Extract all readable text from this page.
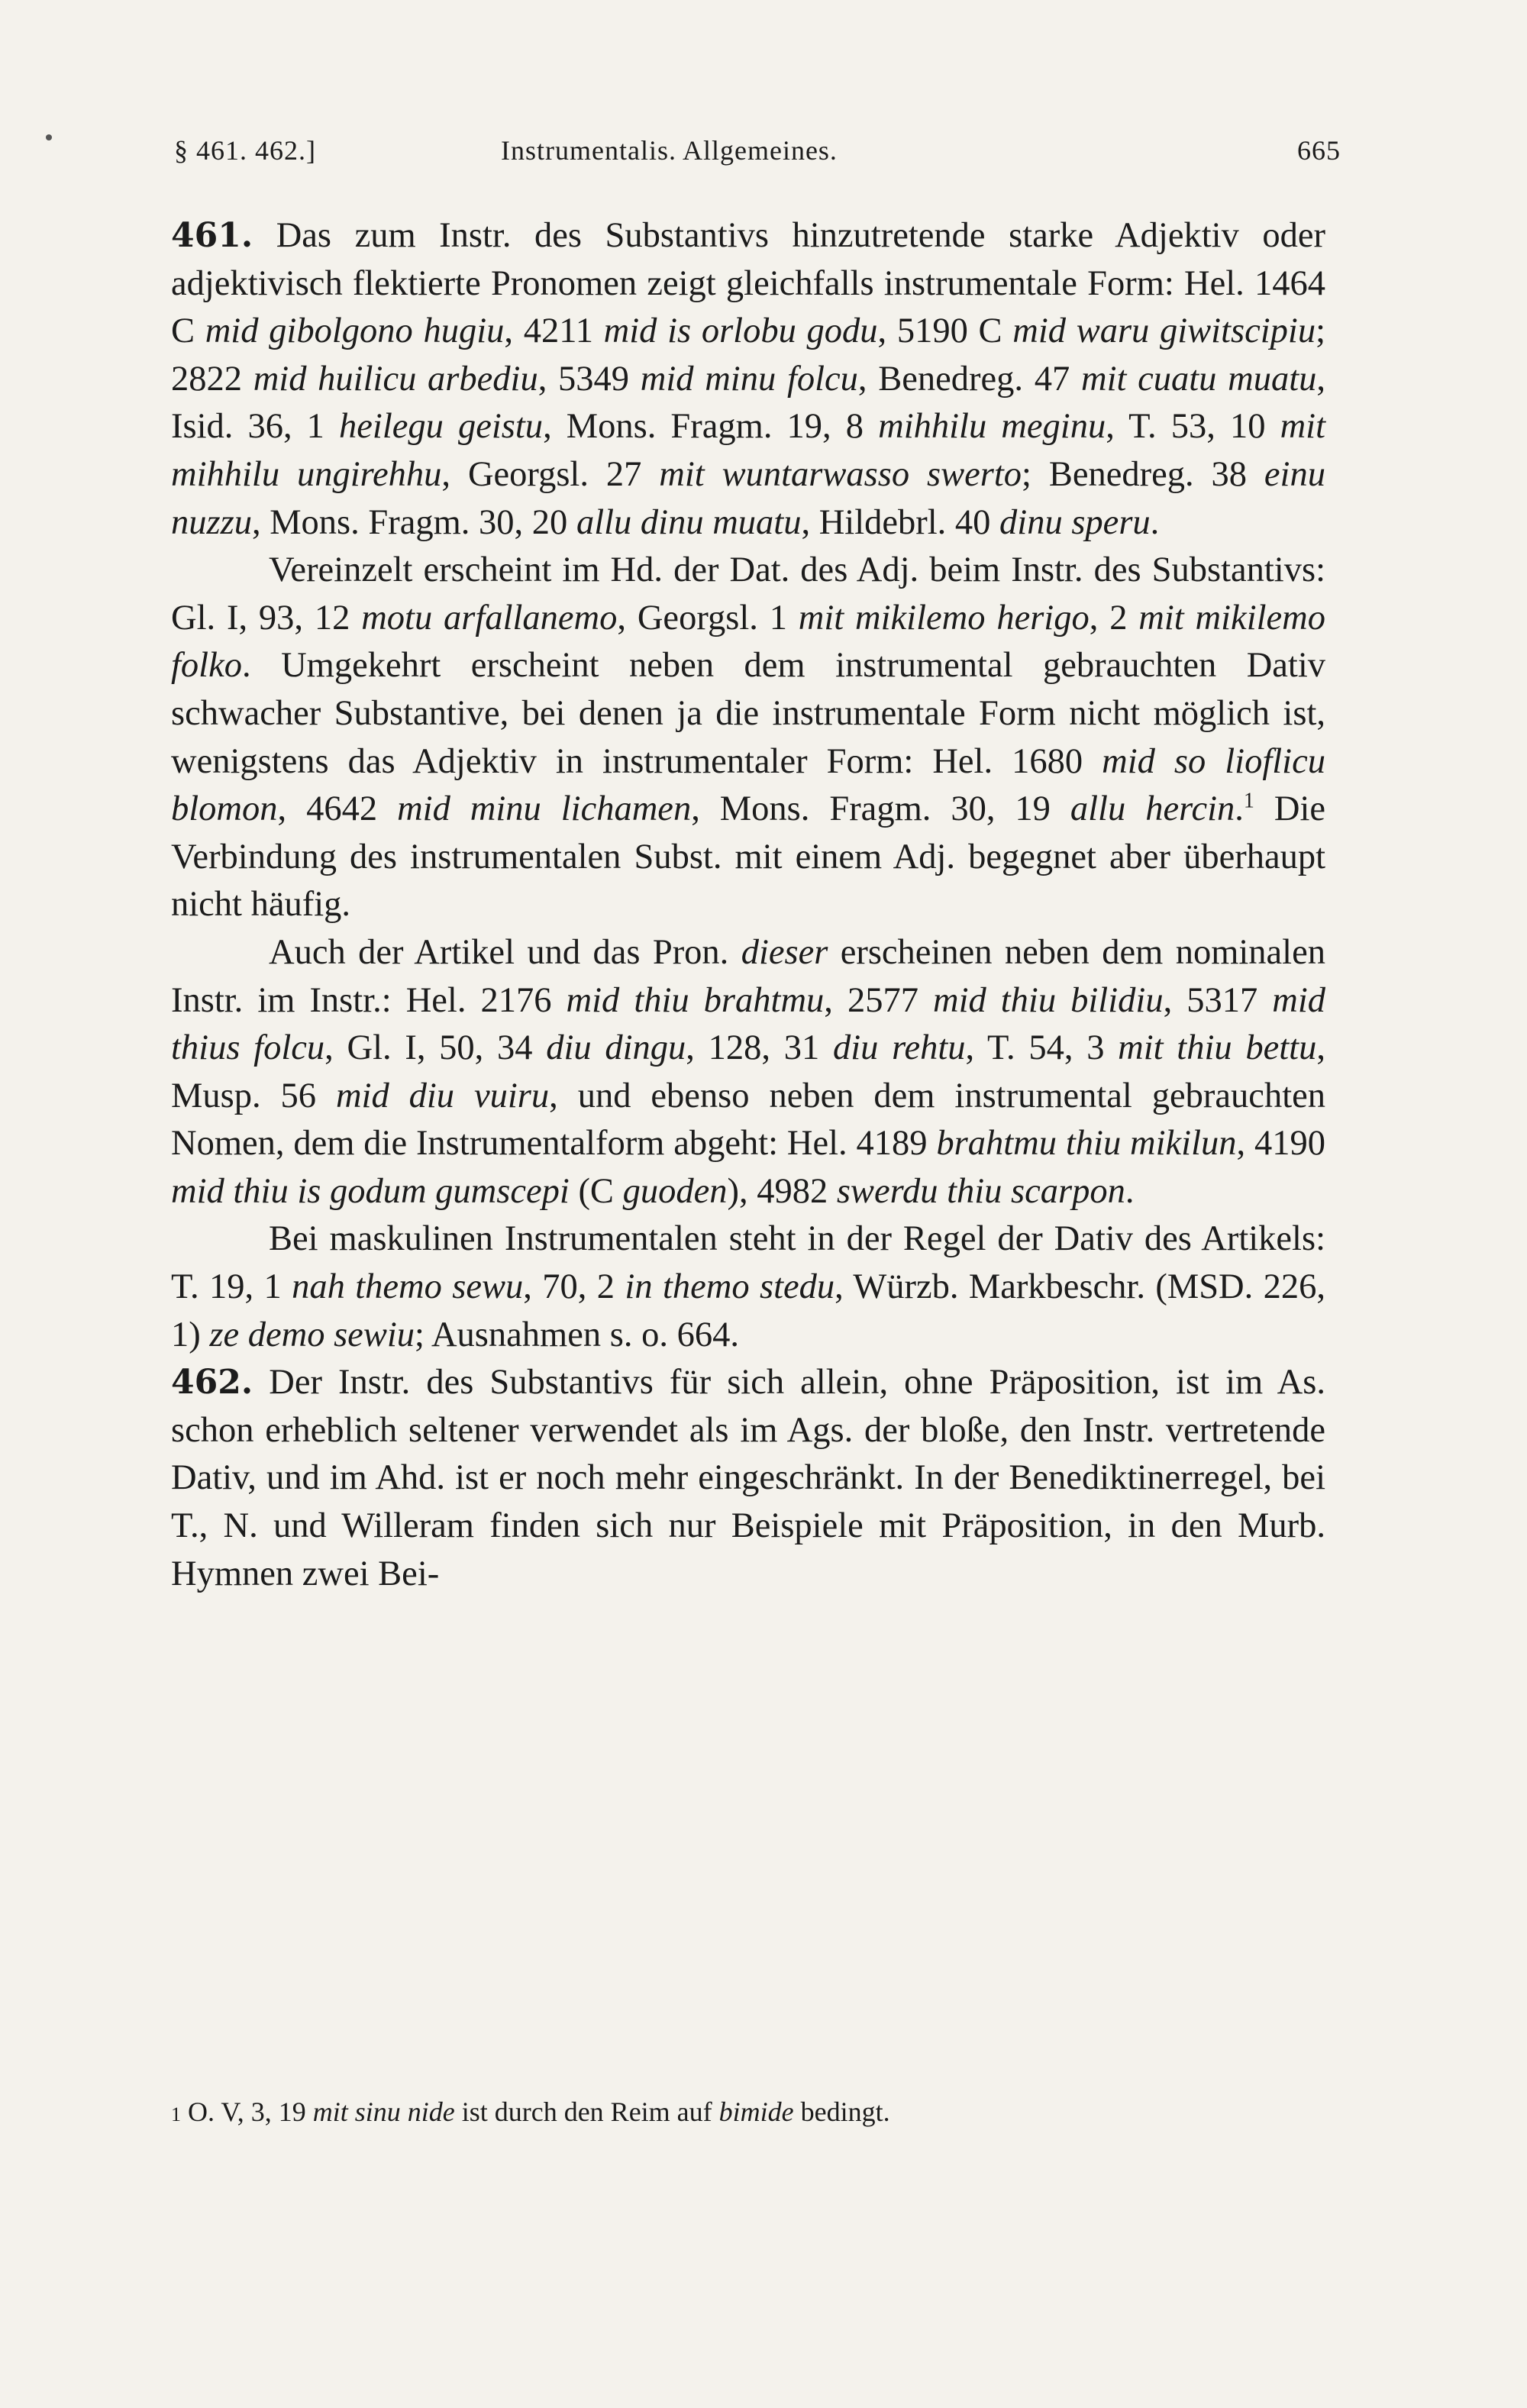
§ 461. 462.]	Instrumentalis. Allgemeines.	665

461. Das zum Instr. des Substantivs hinzutretende starke Adjektiv oder adjektivisch flektierte Pronomen zeigt gleichfalls instrumentale Form: Hel. 1464 C mid gibolgono hugiu, 4211 mid is orlobu godu, 5190 C mid waru giwitscipiu; 2822 mid huilicu arbediu, 5349 mid minu folcu, Benedreg. 47 mit cuatu muatu, Isid. 36, 1 heilegu geistu, Mons. Fragm. 19, 8 mihhilu meginu, T. 53, 10 mit mihhilu ungirehhu, Georgsl. 27 mit wuntarwasso swerto; Benedreg. 38 einu nuzzu, Mons. Fragm. 30, 20 allu dinu muatu, Hildebrl. 40 dinu speru.

Vereinzelt erscheint im Hd. der Dat. des Adj. beim Instr. des Substantivs: Gl. I, 93, 12 motu arfallanemo, Georgsl. 1 mit mikilemo herigo, 2 mit mikilemo folko. Umgekehrt erscheint neben dem instrumental gebrauchten Dativ schwacher Substantive, bei denen ja die instrumentale Form nicht möglich ist, wenigstens das Adjektiv in instrumentaler Form: Hel. 1680 mid so lioflicu blomon, 4642 mid minu lichamen, Mons. Fragm. 30, 19 allu hercin.$^1$ Die Verbindung des instrumentalen Subst. mit einem Adj. begegnet aber überhaupt nicht häufig.

Auch der Artikel und das Pron. dieser erscheinen neben dem nominalen Instr. im Instr.: Hel. 2176 mid thiu brahtmu, 2577 mid thiu bilidiu, 5317 mid thius folcu, Gl. I, 50, 34 diu dingu, 128, 31 diu rehtu, T. 54, 3 mit thiu bettu, Musp. 56 mid diu vuiru, und ebenso neben dem instrumental gebrauchten Nomen, dem die Instrumentalform abgeht: Hel. 4189 brahtmu thiu mikilun, 4190 mid thiu is godum gumscepi (C guoden), 4982 swerdu thiu scarpon.

Bei maskulinen Instrumentalen steht in der Regel der Dativ des Artikels: T. 19, 1 nah themo sewu, 70, 2 in themo stedu, Würzb. Markbeschr. (MSD. 226, 1) ze demo sewiu; Ausnahmen s. o. 664.

462. Der Instr. des Substantivs für sich allein, ohne Präposition, ist im As. schon erheblich seltener verwendet als im Ags. der bloße, den Instr. vertretende Dativ, und im Ahd. ist er noch mehr eingeschränkt. In der Benediktinerregel, bei T., N. und Willeram finden sich nur Beispiele mit Präposition, in den Murb. Hymnen zwei Bei-

$^1$ O. V, 3, 19 mit sinu nide ist durch den Reim auf bimide bedingt.
